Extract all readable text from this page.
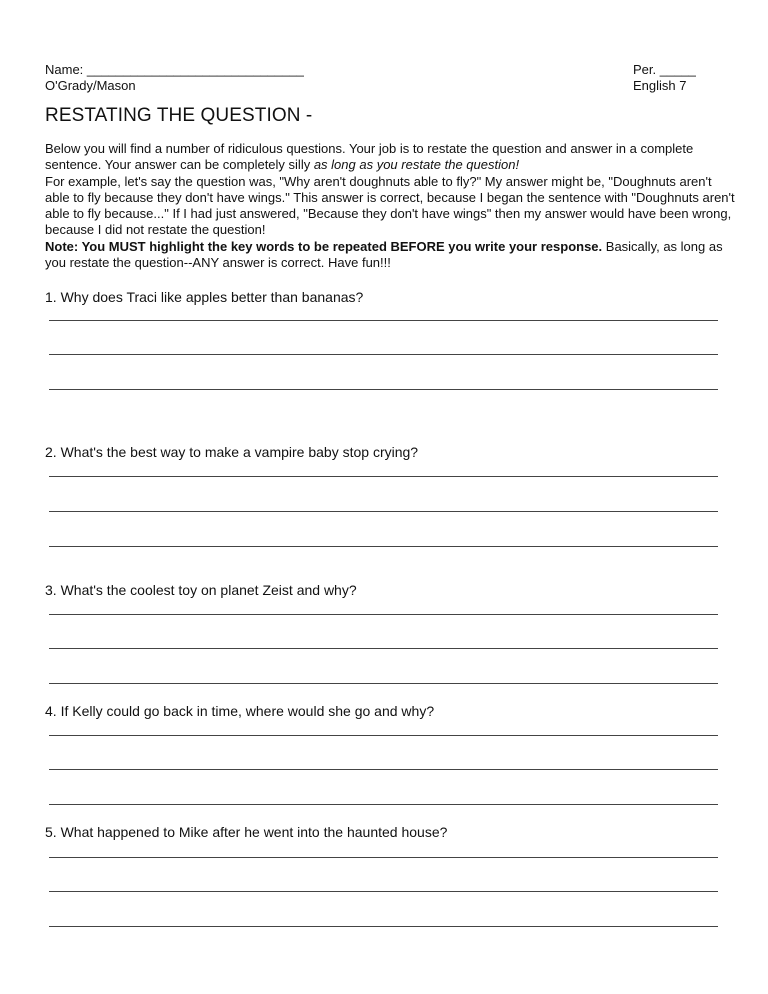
Name: ______________________________
O'Grady/Mason
Per. _____
English 7
RESTATING THE QUESTION -
Below you will find a number of ridiculous questions. Your job is to restate the question and answer in a complete sentence. Your answer can be completely silly as long as you restate the question!
For example, let's say the question was, "Why aren't doughnuts able to fly?" My answer might be, "Doughnuts aren't able to fly because they don't have wings." This answer is correct, because I began the sentence with "Doughnuts aren't able to fly because..." If I had just answered, "Because they don't have wings" then my answer would have been wrong, because I did not restate the question!
Note: You MUST highlight the key words to be repeated BEFORE you write your response. Basically, as long as you restate the question--ANY answer is correct. Have fun!!!
1. Why does Traci like apples better than bananas?
2. What's the best way to make a vampire baby stop crying?
3. What's the coolest toy on planet Zeist and why?
4. If Kelly could go back in time, where would she go and why?
5. What happened to Mike after he went into the haunted house?
